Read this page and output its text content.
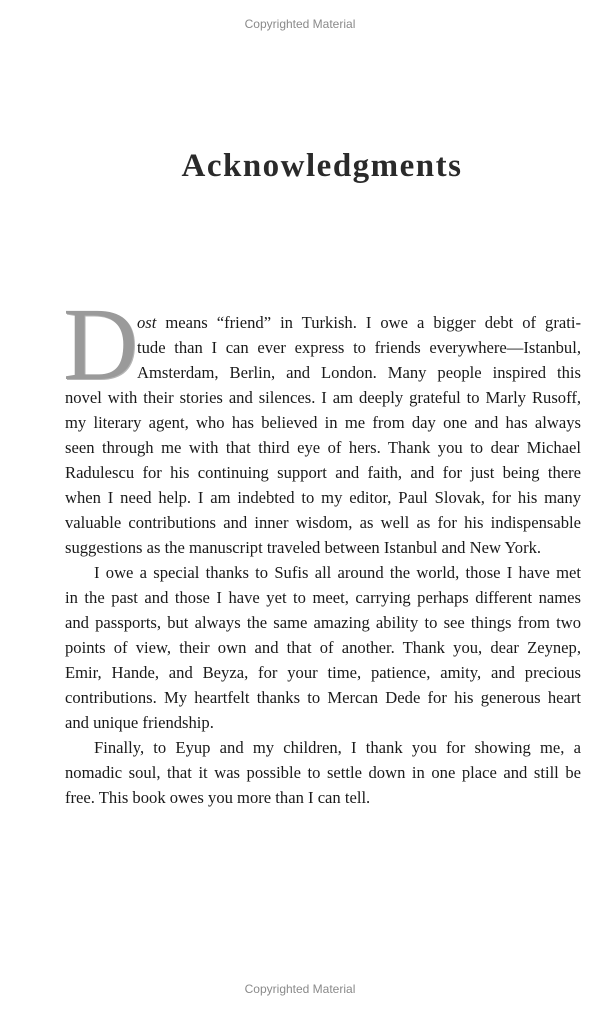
Copyrighted Material
Acknowledgments
D
ost means “friend” in Turkish. I owe a bigger debt of grati-
tude than I can ever express to friends everywhere—Istanbul,
Amsterdam, Berlin, and London. Many people inspired this
novel with their stories and silences. I am deeply grateful to Marly Rusoff,
my literary agent, who has believed in me from day one and has always
seen through me with that third eye of hers. Thank you to dear Michael
Radulescu for his continuing support and faith, and for just being there
when I need help. I am indebted to my editor, Paul Slovak, for his many
valuable contributions and inner wisdom, as well as for his indispensable
suggestions as the manuscript traveled between Istanbul and New York.
I owe a special thanks to Sufis all around the world, those I have met
in the past and those I have yet to meet, carrying perhaps different names
and passports, but always the same amazing ability to see things from two
points of view, their own and that of another. Thank you, dear Zeynep,
Emir, Hande, and Beyza, for your time, patience, amity, and precious
contributions. My heartfelt thanks to Mercan Dede for his generous heart
and unique friendship.
Finally, to Eyup and my children, I thank you for showing me, a
nomadic soul, that it was possible to settle down in one place and still be
free. This book owes you more than I can tell.
Copyrighted Material
